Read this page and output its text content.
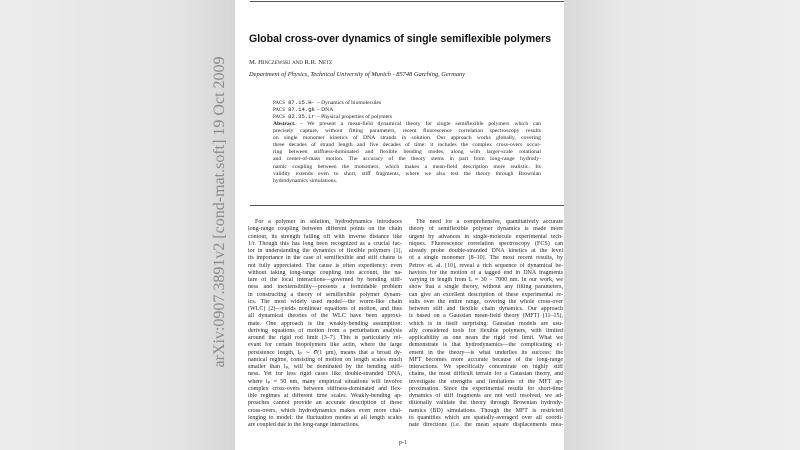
arXiv:0907.3891v2 [cond-mat.soft] 19 Oct 2009
Global cross-over dynamics of single semiflexible polymers
M. Hinczewski and R.R. Netz
Department of Physics, Technical University of Munich - 85748 Garching, Germany
PACS 87.15.H- – Dynamics of biomolecules
PACS 87.14.gk – DNA
PACS 82.35.Lr – Physical properties of polymers
Abstract. - We present a mean-field dynamical theory for single semiflexible polymers which can
precisely capture, without fitting parameters, recent fluorescence correlation spectroscopy results
on single monomer kinetics of DNA strands in solution. Our approach works globally, covering
three decades of strand length and five decades of time: it includes the complex cross-overs occur-
ring between stiffness-dominated and flexible bending modes, along with larger-scale rotational
and center-of-mass motion. The accuracy of the theory stems in part from long-range hydrody-
namic coupling between the monomers, which makes a mean-field description more realistic. Its
validity extends even to short, stiff fragments, where we also test the theory through Brownian
hydrodynamics simulations.
For a polymer in solution, hydrodynamics introduces
long-range coupling between different points on the chain
contour, its strength falling off with inverse distance like
1/r. Though this has long been recognized as a crucial fac-
tor in understanding the dynamics of flexible polymers [1],
its importance in the case of semiflexible and stiff chains is
not fully appreciated. The cause is often expediency: even
without taking long-range coupling into account, the na-
ture of the local interactions—governed by bending stiff-
ness and inextensibility—presents a formidable problem
in constructing a theory of semiflexible polymer dynam-
ics. The most widely used model—the worm-like chain
(WLC) [2]—yields nonlinear equations of motion, and thus
all dynamical theories of the WLC have been approxi-
mate. One approach is the weakly-bending assumption:
deriving equations of motion from a perturbation analysis
around the rigid rod limit [3–7]. This is particularly rel-
evant for certain biopolymers like actin, where the large
persistence length, lₚ ∼ 𝒪(1 µm), means that a broad dy-
namical regime, consisting of motion on length scales much
smaller than lₚ, will be dominated by the bending stiff-
ness. Yet for less rigid cases like double-stranded DNA,
where lₚ ≈ 50 nm, many empirical situations will involve
complex cross-overs between stiffness-dominated and flex-
ible regimes at different time scales. Weakly-bending ap-
proaches cannot provide an accurate description of these
cross-overs, which hydrodynamics makes even more chal-
lenging to model: the fluctuation modes at all length scales
are coupled due to the long-range interactions.
The need for a comprehensive, quantitatively accurate
theory of semiflexible polymer dynamics is made more
urgent by advances in single-molecule experimental tech-
niques. Fluorescence correlation spectroscopy (FCS) can
already probe double-stranded DNA kinetics at the level
of a single monomer [8–10]. The most recent results, by
Petrov et. al. [10], reveal a rich sequence of dynamical be-
haviors for the motion of a tagged end in DNA fragments
varying in length from L ≈ 30 − 7000 nm. In our work, we
show that a single theory, without any fitting parameters,
can give an excellent description of these experimental re-
sults over the entire range, covering the whole cross-over
between stiff and flexible chain dynamics. Our approach
is based on a Gaussian mean-field theory (MFT) [11–15],
which is in itself surprising: Gaussian models are usu-
ally considered tools for flexible polymers, with limited
applicability as one nears the rigid rod limit. What we
demonstrate is that hydrodynamics—the complicating el-
ement in the theory—is what underlies its success: the
MFT becomes more accurate because of the long-range
interactions. We specifically concentrate on highly stiff
chains, the most difficult terrain for a Gaussian theory, and
investigate the strengths and limitations of the MFT ap-
proximation. Since the experimental results for short-time
dynamics of stiff fragments are not well resolved, we ad-
ditionally validate the theory through Brownian hydrody-
namics (BD) simulations. Though the MFT is restricted
to quantities which are spatially-averaged over all coordi-
nate directions (i.e. the mean square displacements mea-
p-1
